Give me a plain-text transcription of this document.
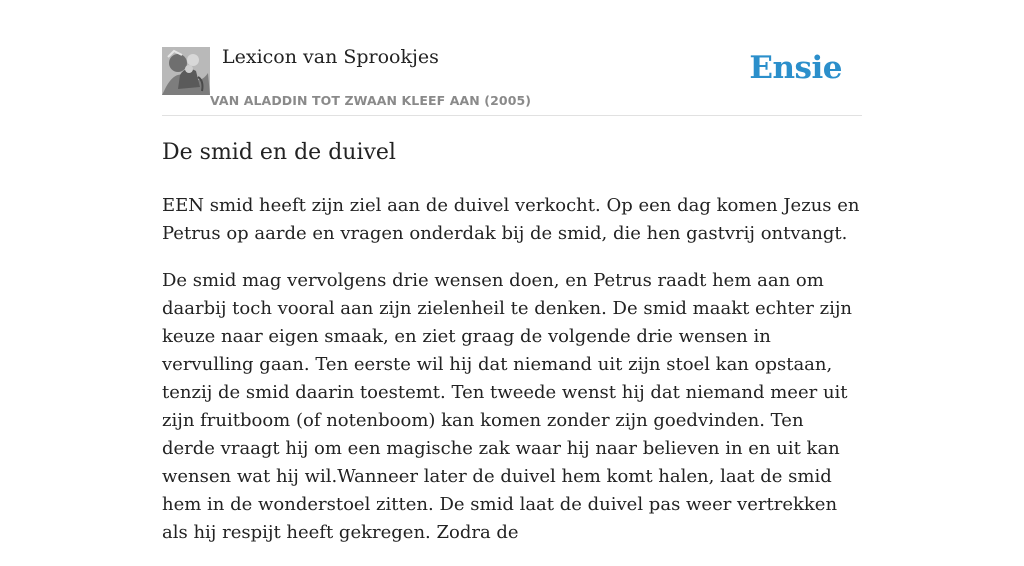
Lexicon van Sprookjes
VAN ALADDIN TOT ZWAAN KLEEF AAN (2005)
Ensie
De smid en de duivel

EEN smid heeft zijn ziel aan de duivel verkocht. Op een dag komen Jezus en Petrus op aarde en vragen onderdak bij de smid, die hen gastvrij ontvangt.

De smid mag vervolgens drie wensen doen, en Petrus raadt hem aan om daarbij toch vooral aan zijn zielenheil te denken. De smid maakt echter zijn keuze naar eigen smaak, en ziet graag de volgende drie wensen in vervulling gaan. Ten eerste wil hij dat niemand uit zijn stoel kan opstaan, tenzij de smid daarin toestemt. Ten tweede wenst hij dat niemand meer uit zijn fruitboom (of notenboom) kan komen zonder zijn goedvinden. Ten derde vraagt hij om een magische zak waar hij naar believen in en uit kan wensen wat hij wil.Wanneer later de duivel hem komt halen, laat de smid hem in de wonderstoel zitten. De smid laat de duivel pas weer vertrekken als hij respijt heeft gekregen. Zodra de
